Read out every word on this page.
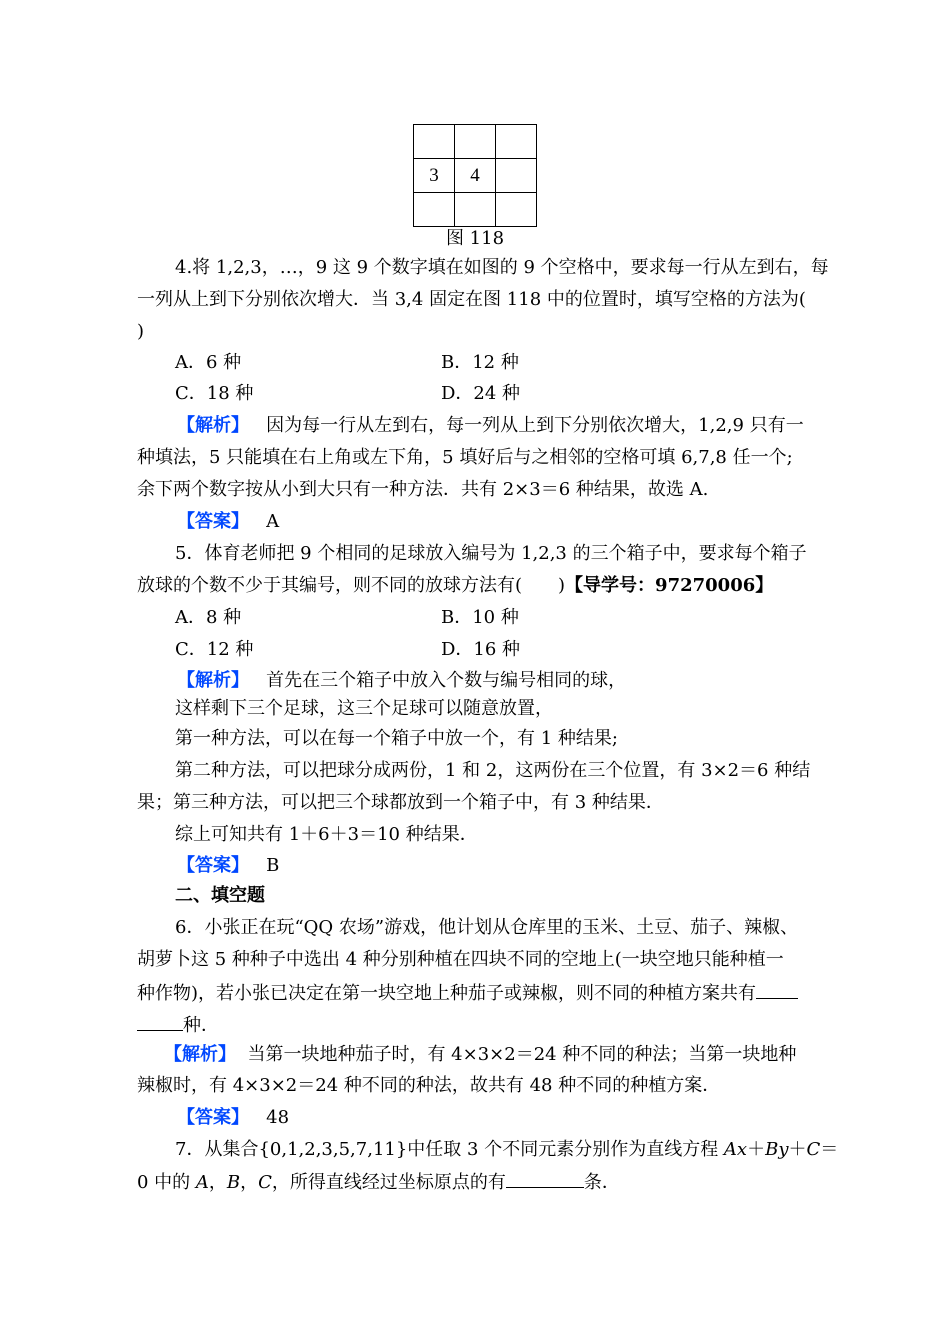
3	4	

图 118
4.将 1,2,3，…，9 这 9 个数字填在如图的 9 个空格中，要求每一行从左到右，每
一列从上到下分别依次增大．当 3,4 固定在图 118 中的位置时，填写空格的方法为(
)
A．6 种	B．12 种
C．18 种	D．24 种
【解析】 因为每一行从左到右，每一列从上到下分别依次增大，1,2,9 只有一
种填法，5 只能填在右上角或左下角，5 填好后与之相邻的空格可填 6,7,8 任一个;
余下两个数字按从小到大只有一种方法．共有 2×3＝6 种结果，故选 A.
【答案】 A
5．体育老师把 9 个相同的足球放入编号为 1,2,3 的三个箱子中，要求每个箱子
放球的个数不少于其编号，则不同的放球方法有(　　)【导学号：97270006】
A．8 种	B．10 种
C．12 种	D．16 种
【解析】 首先在三个箱子中放入个数与编号相同的球，
这样剩下三个足球，这三个足球可以随意放置，
第一种方法，可以在每一个箱子中放一个，有 1 种结果;
第二种方法，可以把球分成两份，1 和 2，这两份在三个位置，有 3×2＝6 种结
果；第三种方法，可以把三个球都放到一个箱子中，有 3 种结果．
综上可知共有 1＋6＋3＝10 种结果．
【答案】 B
二、填空题
6．小张正在玩“QQ 农场”游戏，他计划从仓库里的玉米、土豆、茄子、辣椒、
胡萝卜这 5 种种子中选出 4 种分别种植在四块不同的空地上(一块空地只能种植一
种作物)，若小张已决定在第一块空地上种茄子或辣椒，则不同的种植方案共有
种．
【解析】 当第一块地种茄子时，有 4×3×2＝24 种不同的种法；当第一块地种
辣椒时，有 4×3×2＝24 种不同的种法，故共有 48 种不同的种植方案．
【答案】 48
7．从集合{0,1,2,3,5,7,11}中任取 3 个不同元素分别作为直线方程 Ax＋By＋C＝
0 中的 A，B，C，所得直线经过坐标原点的有	条．
